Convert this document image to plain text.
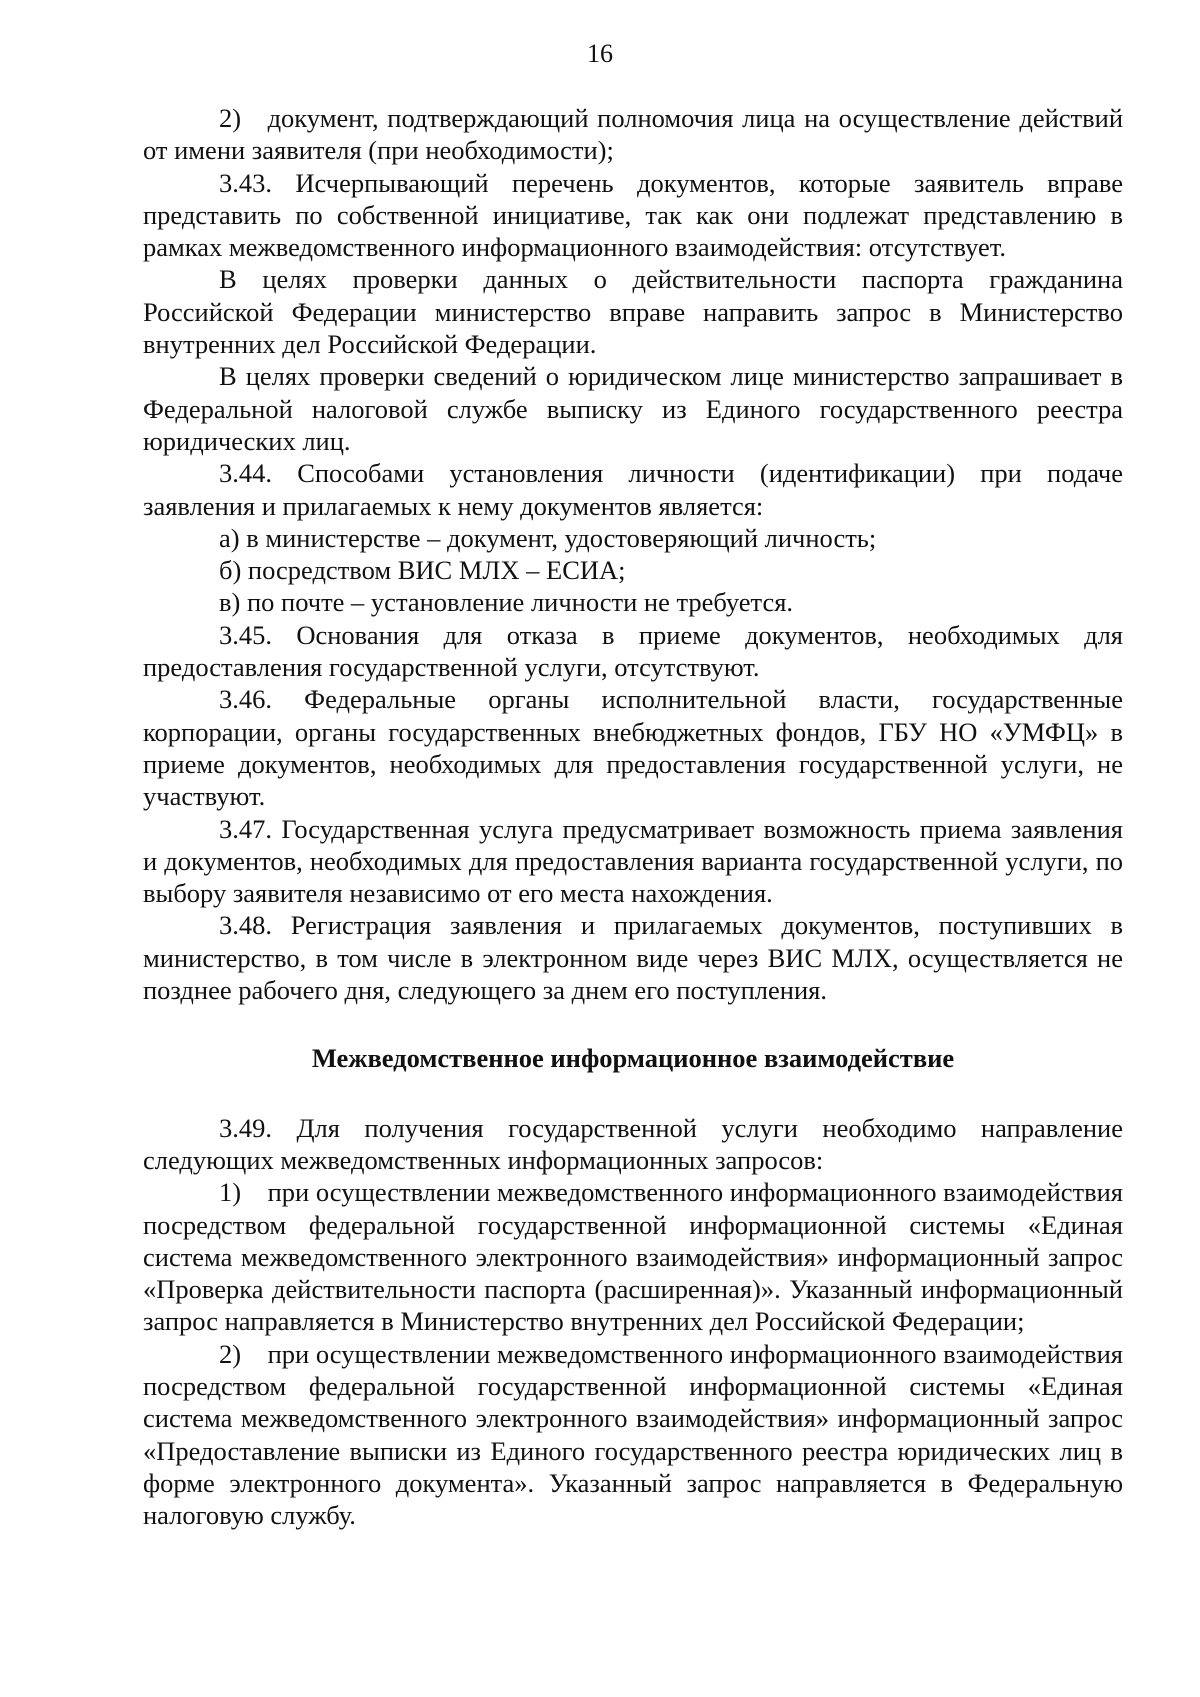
16

2) документ, подтверждающий полномочия лица на осуществление действий от имени заявителя (при необходимости);

3.43. Исчерпывающий перечень документов, которые заявитель вправе представить по собственной инициативе, так как они подлежат представлению в рамках межведомственного информационного взаимодействия: отсутствует.

В целях проверки данных о действительности паспорта гражданина Российской Федерации министерство вправе направить запрос в Министерство внутренних дел Российской Федерации.

В целях проверки сведений о юридическом лице министерство запрашивает в Федеральной налоговой службе выписку из Единого государственного реестра юридических лиц.

3.44. Способами установления личности (идентификации) при подаче заявления и прилагаемых к нему документов является:

а) в министерстве – документ, удостоверяющий личность;

б) посредством ВИС МЛХ – ЕСИА;

в) по почте – установление личности не требуется.

3.45. Основания для отказа в приеме документов, необходимых для предоставления государственной услуги, отсутствуют.

3.46. Федеральные органы исполнительной власти, государственные корпорации, органы государственных внебюджетных фондов, ГБУ НО «УМФЦ» в приеме документов, необходимых для предоставления государственной услуги, не участвуют.

3.47. Государственная услуга предусматривает возможность приема заявления и документов, необходимых для предоставления варианта государственной услуги, по выбору заявителя независимо от его места нахождения.

3.48. Регистрация заявления и прилагаемых документов, поступивших в министерство, в том числе в электронном виде через ВИС МЛХ, осуществляется не позднее рабочего дня, следующего за днем его поступления.

Межведомственное информационное взаимодействие

3.49. Для получения государственной услуги необходимо направление следующих межведомственных информационных запросов:

1) при осуществлении межведомственного информационного взаимодействия посредством федеральной государственной информационной системы «Единая система межведомственного электронного взаимодействия» информационный запрос «Проверка действительности паспорта (расширенная)». Указанный информационный запрос направляется в Министерство внутренних дел Российской Федерации;

2) при осуществлении межведомственного информационного взаимодействия посредством федеральной государственной информационной системы «Единая система межведомственного электронного взаимодействия» информационный запрос «Предоставление выписки из Единого государственного реестра юридических лиц в форме электронного документа». Указанный запрос направляется в Федеральную налоговую службу.
